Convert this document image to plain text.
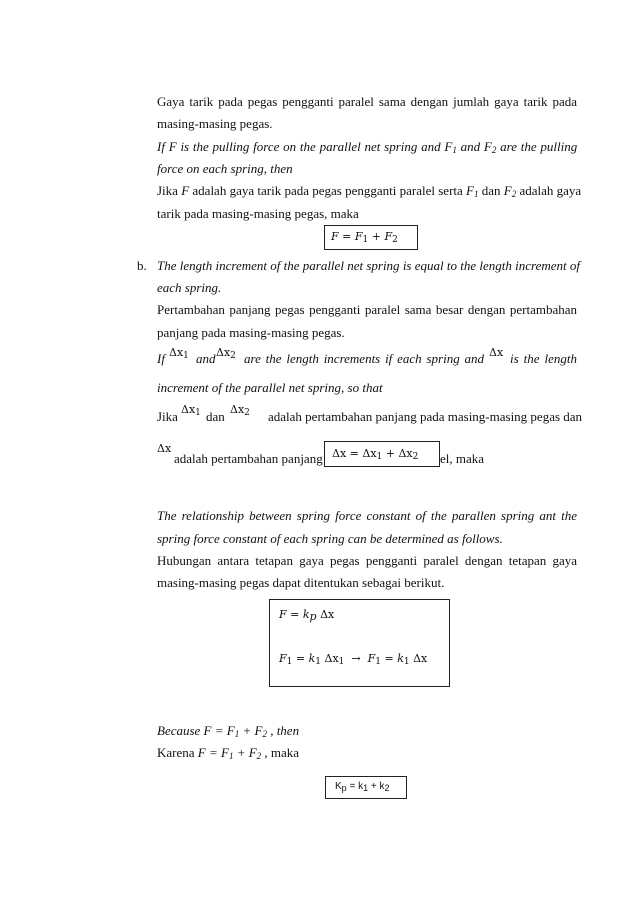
Gaya tarik pada pegas pengganti paralel sama dengan jumlah gaya tarik pada
masing-masing pegas.
If F is the pulling force on the parallel net spring and $F_1$ and $F_2$ are the pulling
force on each spring, then
Jika F adalah gaya tarik pada pegas pengganti paralel serta $F_1$ dan $F_2$ adalah gaya
tarik pada masing-masing pegas, maka
$F = F_1 + F_2$
b. The length increment of the parallel net spring is equal to the length increment of
each spring.
Pertambahan panjang pegas pengganti paralel sama besar dengan pertambahan
panjang pada masing-masing pegas.
If $\Delta x_1$ and $\Delta x_2$ are the length increments if each spring and Δx is the length
increment of the parallel net spring, so that
Jika $\Delta x_1$ dan $\Delta x_2$ adalah pertambahan panjang pada masing-masing pegas dan
Δx
adalah pertambahan panjang	el, maka
$\Delta x = \Delta x_1 + \Delta x_2$
The relationship between spring force constant of the parallen spring ant the
spring force constant of each spring can be determined as follows.
Hubungan antara tetapan gaya pegas pengganti paralel dengan tetapan gaya
masing-masing pegas dapat ditentukan sebagai berikut.
$F = k_p$ Δx
$F_1 = k_1$ $\Delta x_1 \to F_1 = k_1$ Δx
Because $F = F_1 + F_2$ , then
Karena $F = F_1 + F_2$ , maka
$K_p = k_1 + k_2$
